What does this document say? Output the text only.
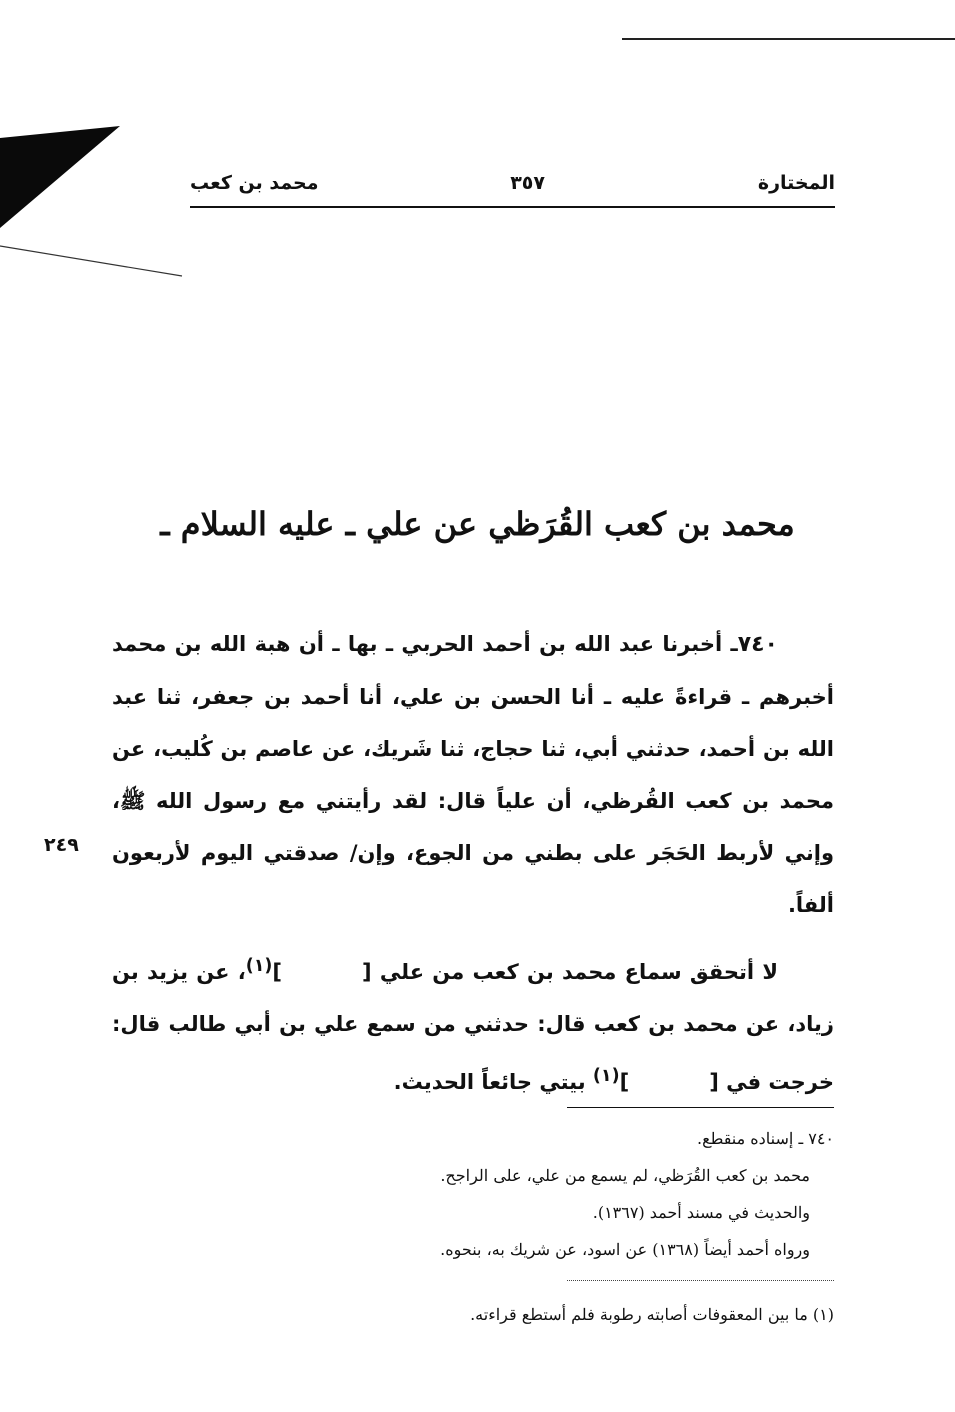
المختارة
٣٥٧
محمد بن كعب
محمد بن كعب القُرَظي عن علي ـ عليه السلام ـ
٧٤٠ـ أخبرنا عبد الله بن أحمد الحربي ـ بها ـ أن هبة الله بن محمد أخبرهم ـ قراءةً عليه ـ أنا الحسن بن علي، أنا أحمد بن جعفر، ثنا عبد الله بن أحمد، حدثني أبي، ثنا حجاج، ثنا شَريك، عن عاصم بن كُليب، عن محمد بن كعب القُرظي، أن علياً قال: لقد رأيتني مع رسول الله ﷺ، وإني لأربط الحَجَر على بطني من الجوع، وإن/ صدقتي اليوم لأربعون ألفاً.
٢٤٩
لا أتحقق سماع محمد بن كعب من علي []$^{(١)}$، عن يزيد بن زياد، عن محمد بن كعب قال: حدثني من سمع علي بن أبي طالب قال: خرجت في []$^{(١)}$ بيتي جائعاً الحديث.

٧٤٠ ـ إسناده منقطع.

محمد بن كعب القُرَظي، لم يسمع من علي، على الراجح.

والحديث في مسند أحمد (١٣٦٧).

ورواه أحمد أيضاً (١٣٦٨) عن اسود، عن شريك به، بنحوه.

(١) ما بين المعقوفات أصابته رطوبة فلم أستطع قراءته.
